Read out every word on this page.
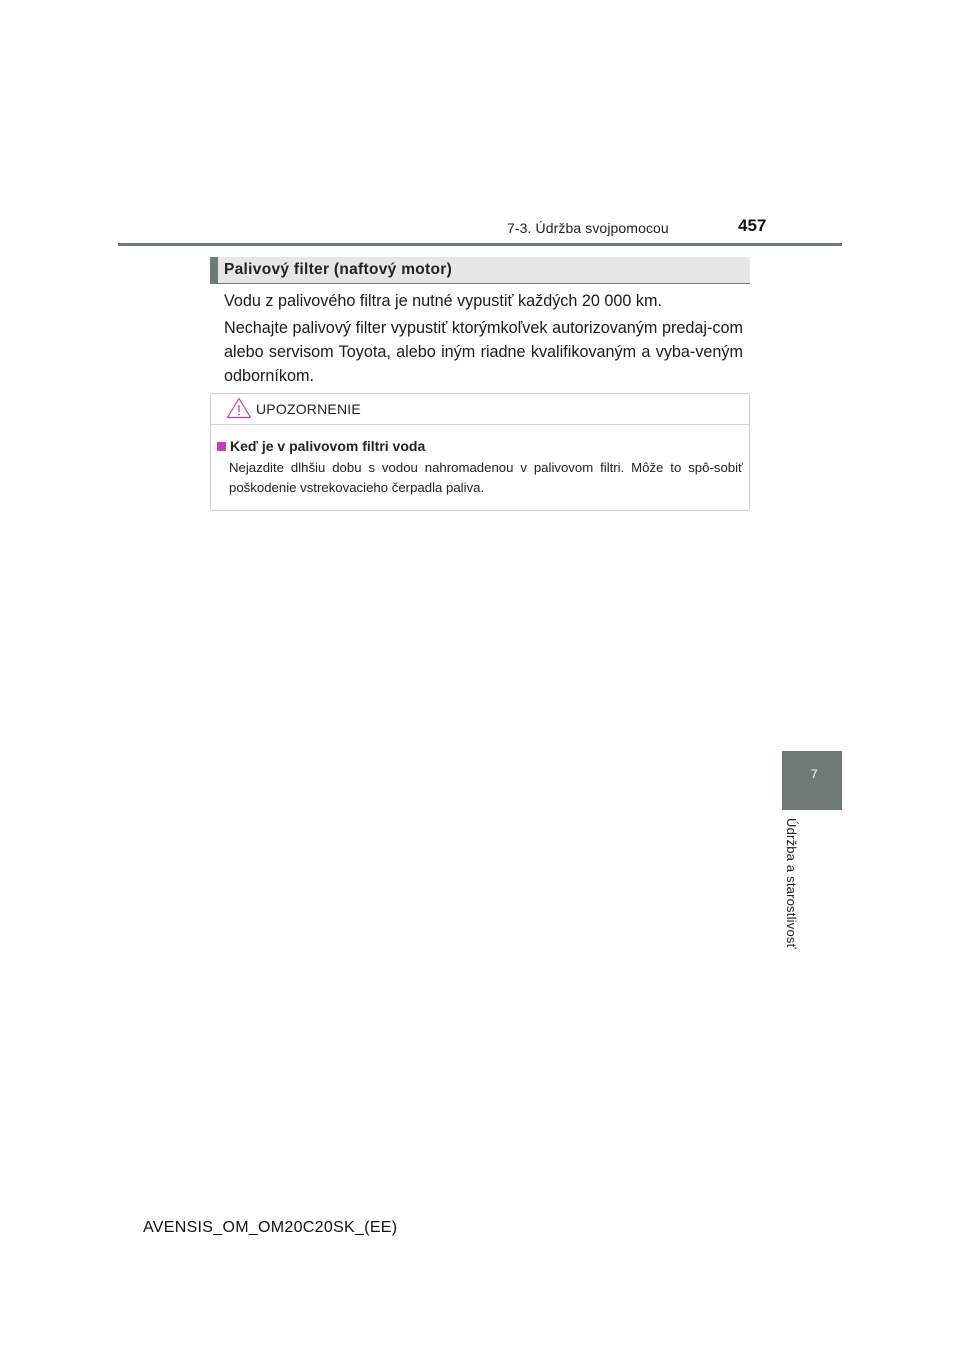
7-3. Údržba svojpomocou	457
7
Údržba a starostlivosť
Palivový filter (naftový motor)
Vodu z palivového filtra je nutné vypustiť každých 20 000 km.
Nechajte palivový filter vypustiť ktorýmkoľvek autorizovaným predaj-com alebo servisom Toyota, alebo iným riadne kvalifikovaným a vyba-veným odborníkom.
UPOZORNENIE
Keď je v palivovom filtri voda
Nejazdite dlhšiu dobu s vodou nahromadenou v palivovom filtri. Môže to spô-sobiť poškodenie vstrekovacieho čerpadla paliva.
AVENSIS_OM_OM20C20SK_(EE)
